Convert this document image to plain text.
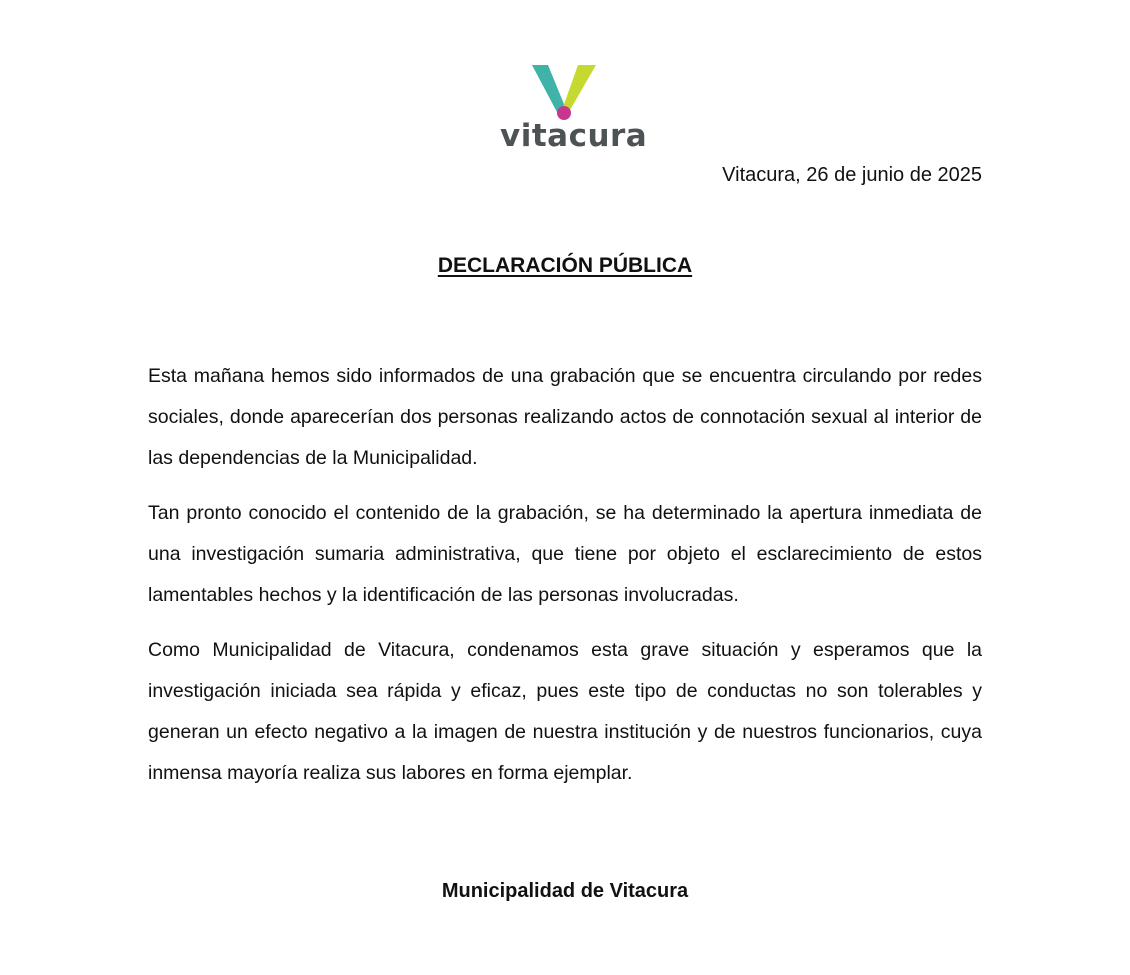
vitacura
Vitacura, 26 de junio de 2025
DECLARACIÓN PÚBLICA

Esta mañana hemos sido informados de una grabación que se encuentra circulando por redes sociales, donde aparecerían dos personas realizando actos de connotación sexual al interior de las dependencias de la Municipalidad.

Tan pronto conocido el contenido de la grabación, se ha determinado la apertura inmediata de una investigación sumaria administrativa, que tiene por objeto el esclarecimiento de estos lamentables hechos y la identificación de las personas involucradas.

Como Municipalidad de Vitacura, condenamos esta grave situación y esperamos que la investigación iniciada sea rápida y eficaz, pues este tipo de conductas no son tolerables y generan un efecto negativo a la imagen de nuestra institución y de nuestros funcionarios, cuya inmensa mayoría realiza sus labores en forma ejemplar.

Municipalidad de Vitacura
